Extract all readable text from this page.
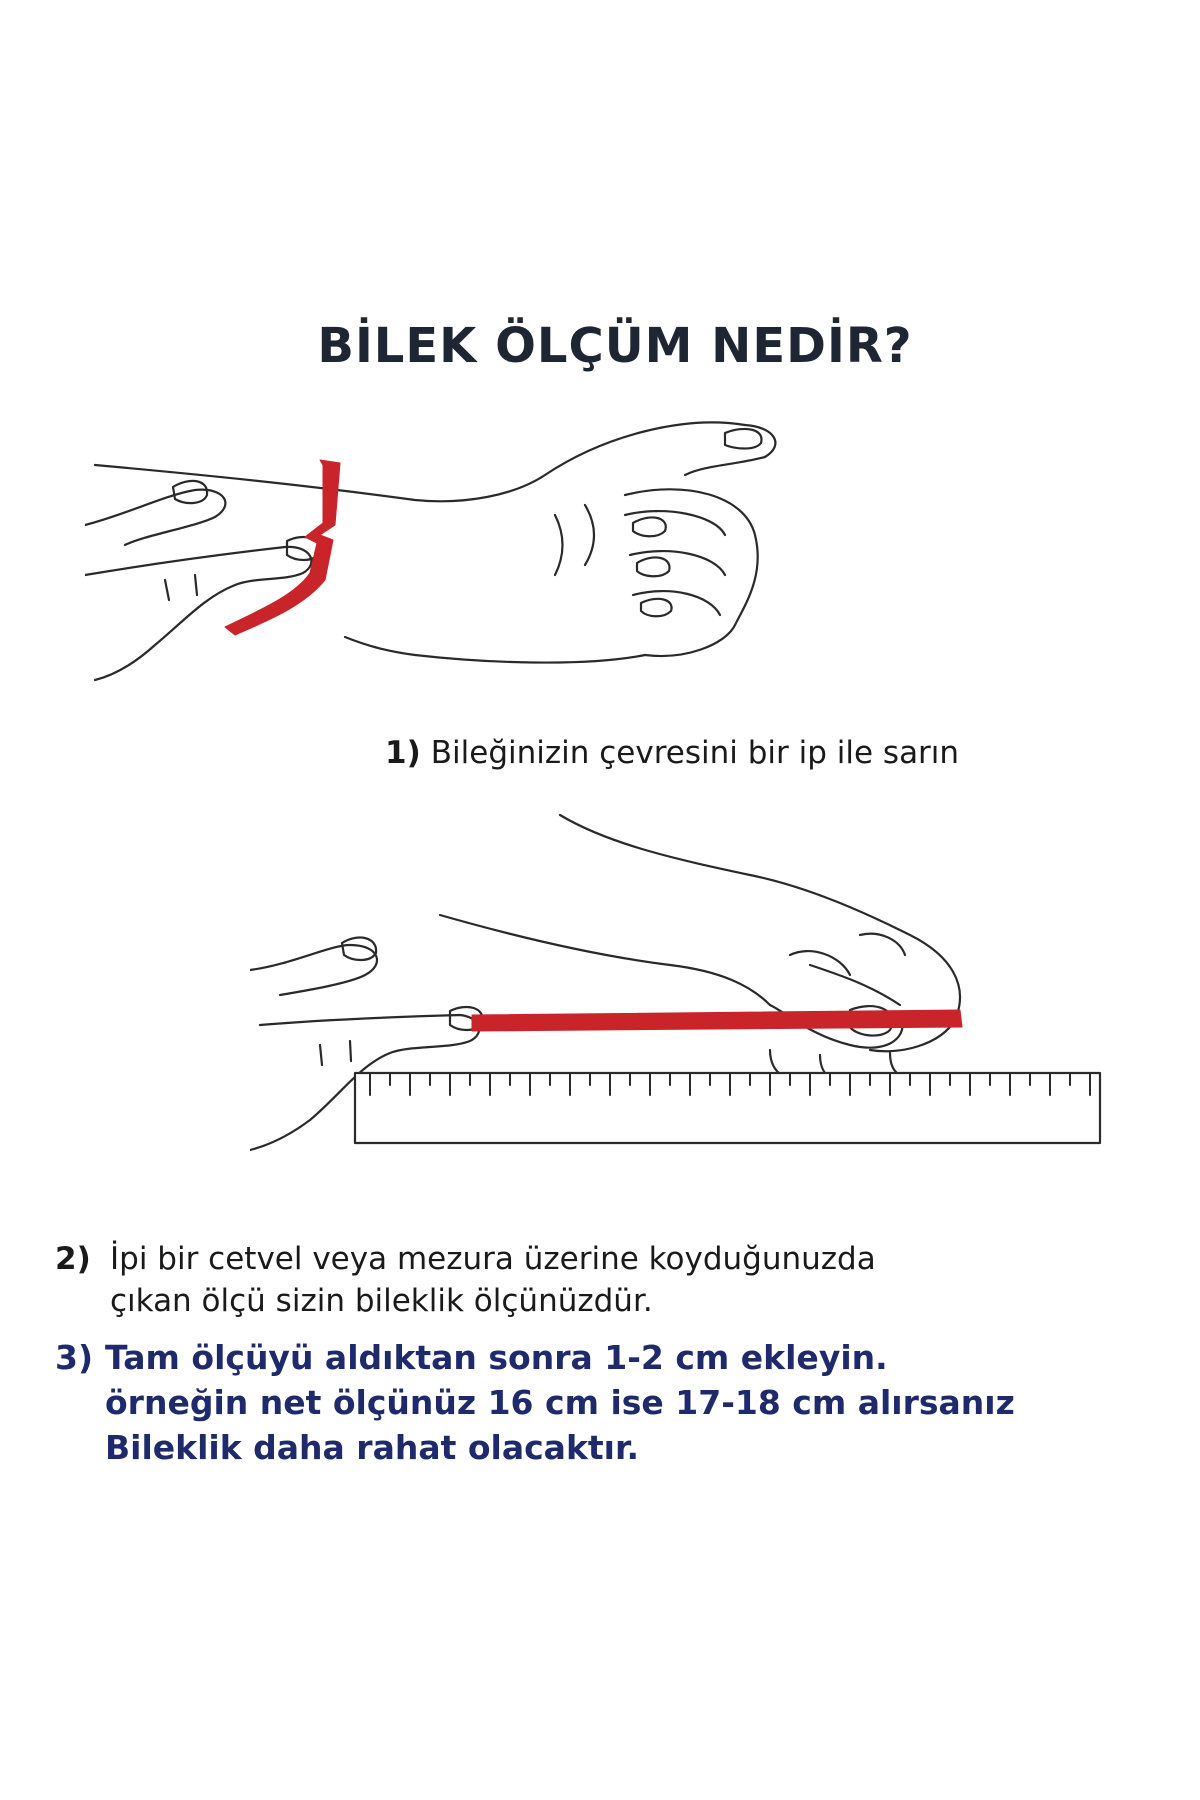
BİLEK ÖLÇÜM NEDİR?

1) Bileğinizin çevresini bir ip ile sarın

2) İpi bir cetvel veya mezura üzerine koyduğunuzda
çıkan ölçü sizin bileklik ölçünüzdür.
3) Tam ölçüyü aldıktan sonra 1-2 cm ekleyin.
örneğin net ölçünüz 16 cm ise 17-18 cm alırsanız
Bileklik daha rahat olacaktır.
